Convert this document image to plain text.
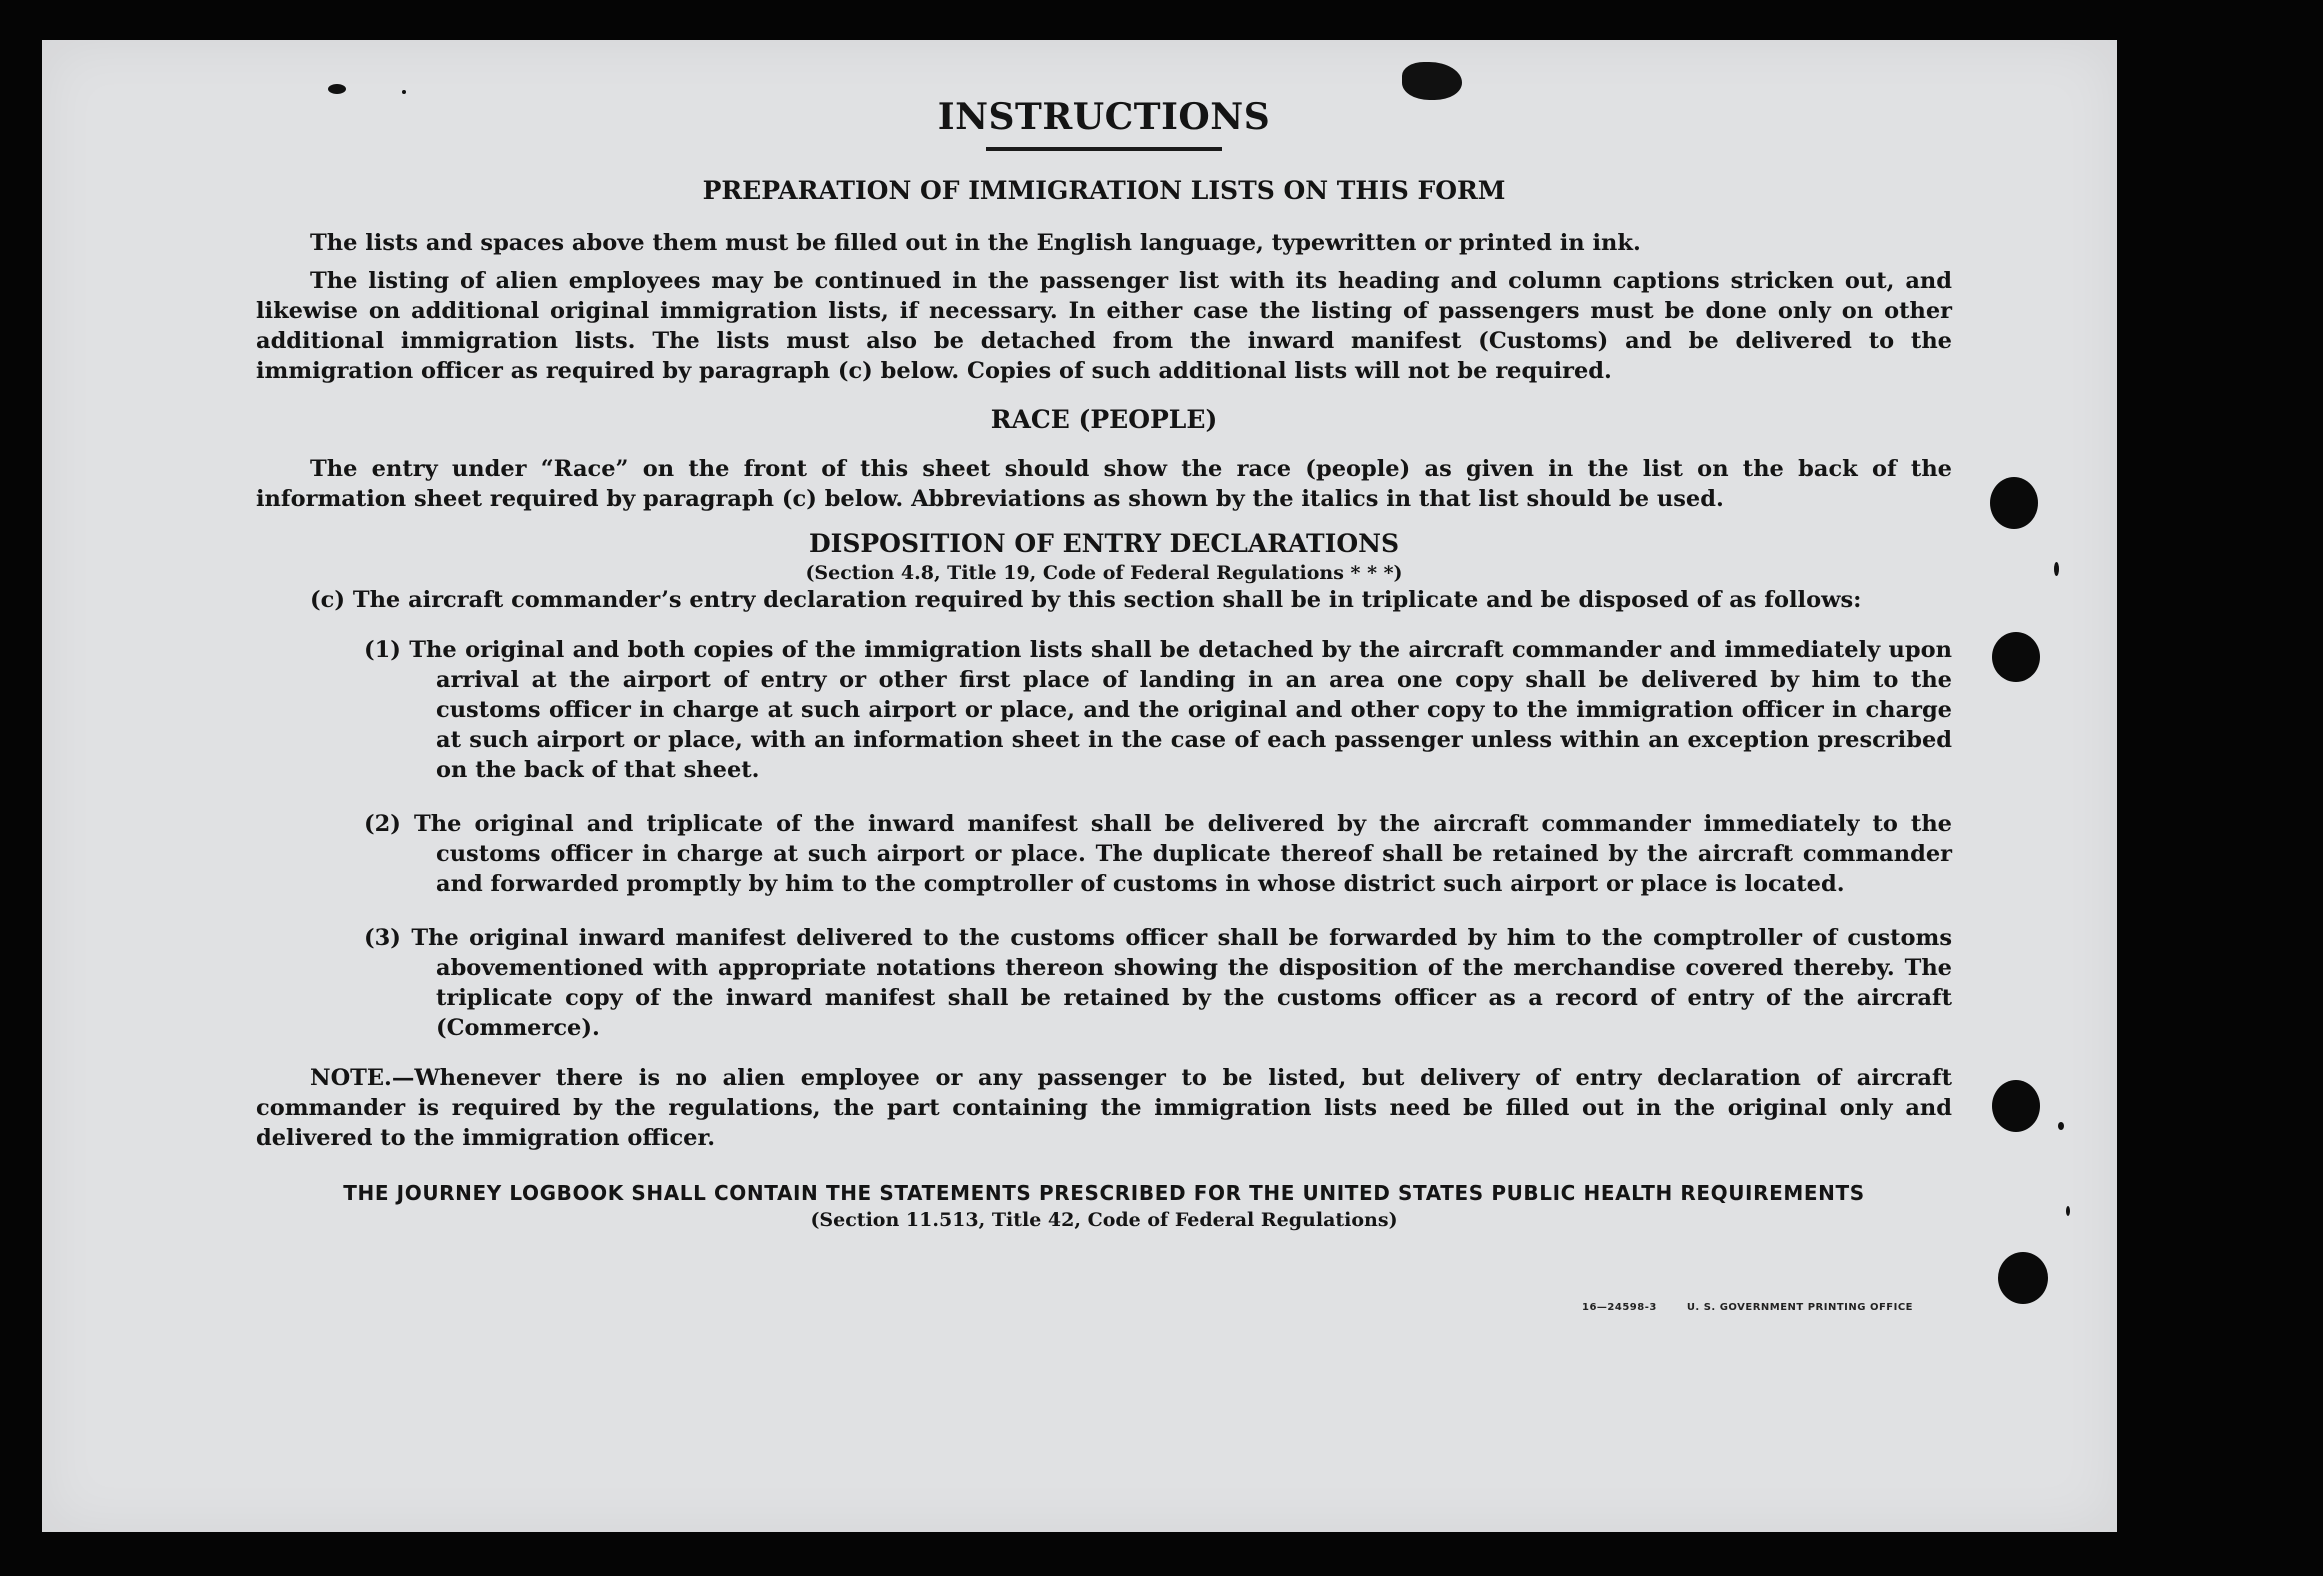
INSTRUCTIONS
PREPARATION OF IMMIGRATION LISTS ON THIS FORM

The lists and spaces above them must be filled out in the English language, typewritten or printed in ink.

The listing of alien employees may be continued in the passenger list with its heading and column captions stricken out, and likewise on additional original immigration lists, if necessary. In either case the listing of passengers must be done only on other additional immigration lists. The lists must also be detached from the inward manifest (Customs) and be delivered to the immigration officer as required by paragraph (c) below. Copies of such additional lists will not be required.

RACE (PEOPLE)

The entry under “Race” on the front of this sheet should show the race (people) as given in the list on the back of the information sheet required by paragraph (c) below. Abbreviations as shown by the italics in that list should be used.

DISPOSITION OF ENTRY DECLARATIONS
(Section 4.8, Title 19, Code of Federal Regulations * * *)

(c) The aircraft commander’s entry declaration required by this section shall be in triplicate and be disposed of as follows:

(1) The original and both copies of the immigration lists shall be detached by the aircraft commander and immediately upon arrival at the airport of entry or other first place of landing in an area one copy shall be delivered by him to the customs officer in charge at such airport or place, and the original and other copy to the immigration officer in charge at such airport or place, with an information sheet in the case of each passenger unless within an exception prescribed on the back of that sheet.

(2) The original and triplicate of the inward manifest shall be delivered by the aircraft commander immediately to the customs officer in charge at such airport or place. The duplicate thereof shall be retained by the aircraft commander and forwarded promptly by him to the comptroller of customs in whose district such airport or place is located.

(3) The original inward manifest delivered to the customs officer shall be forwarded by him to the comptroller of customs abovementioned with appropriate notations thereon showing the disposition of the merchandise covered thereby. The triplicate copy of the inward manifest shall be retained by the customs officer as a record of entry of the aircraft (Commerce).

NOTE.—Whenever there is no alien employee or any passenger to be listed, but delivery of entry declaration of aircraft commander is required by the regulations, the part containing the immigration lists need be filled out in the original only and delivered to the immigration officer.

THE JOURNEY LOGBOOK SHALL CONTAIN THE STATEMENTS PRESCRIBED FOR THE UNITED STATES PUBLIC HEALTH REQUIREMENTS
(Section 11.513, Title 42, Code of Federal Regulations)
16—24598-3	U. S. GOVERNMENT PRINTING OFFICE
